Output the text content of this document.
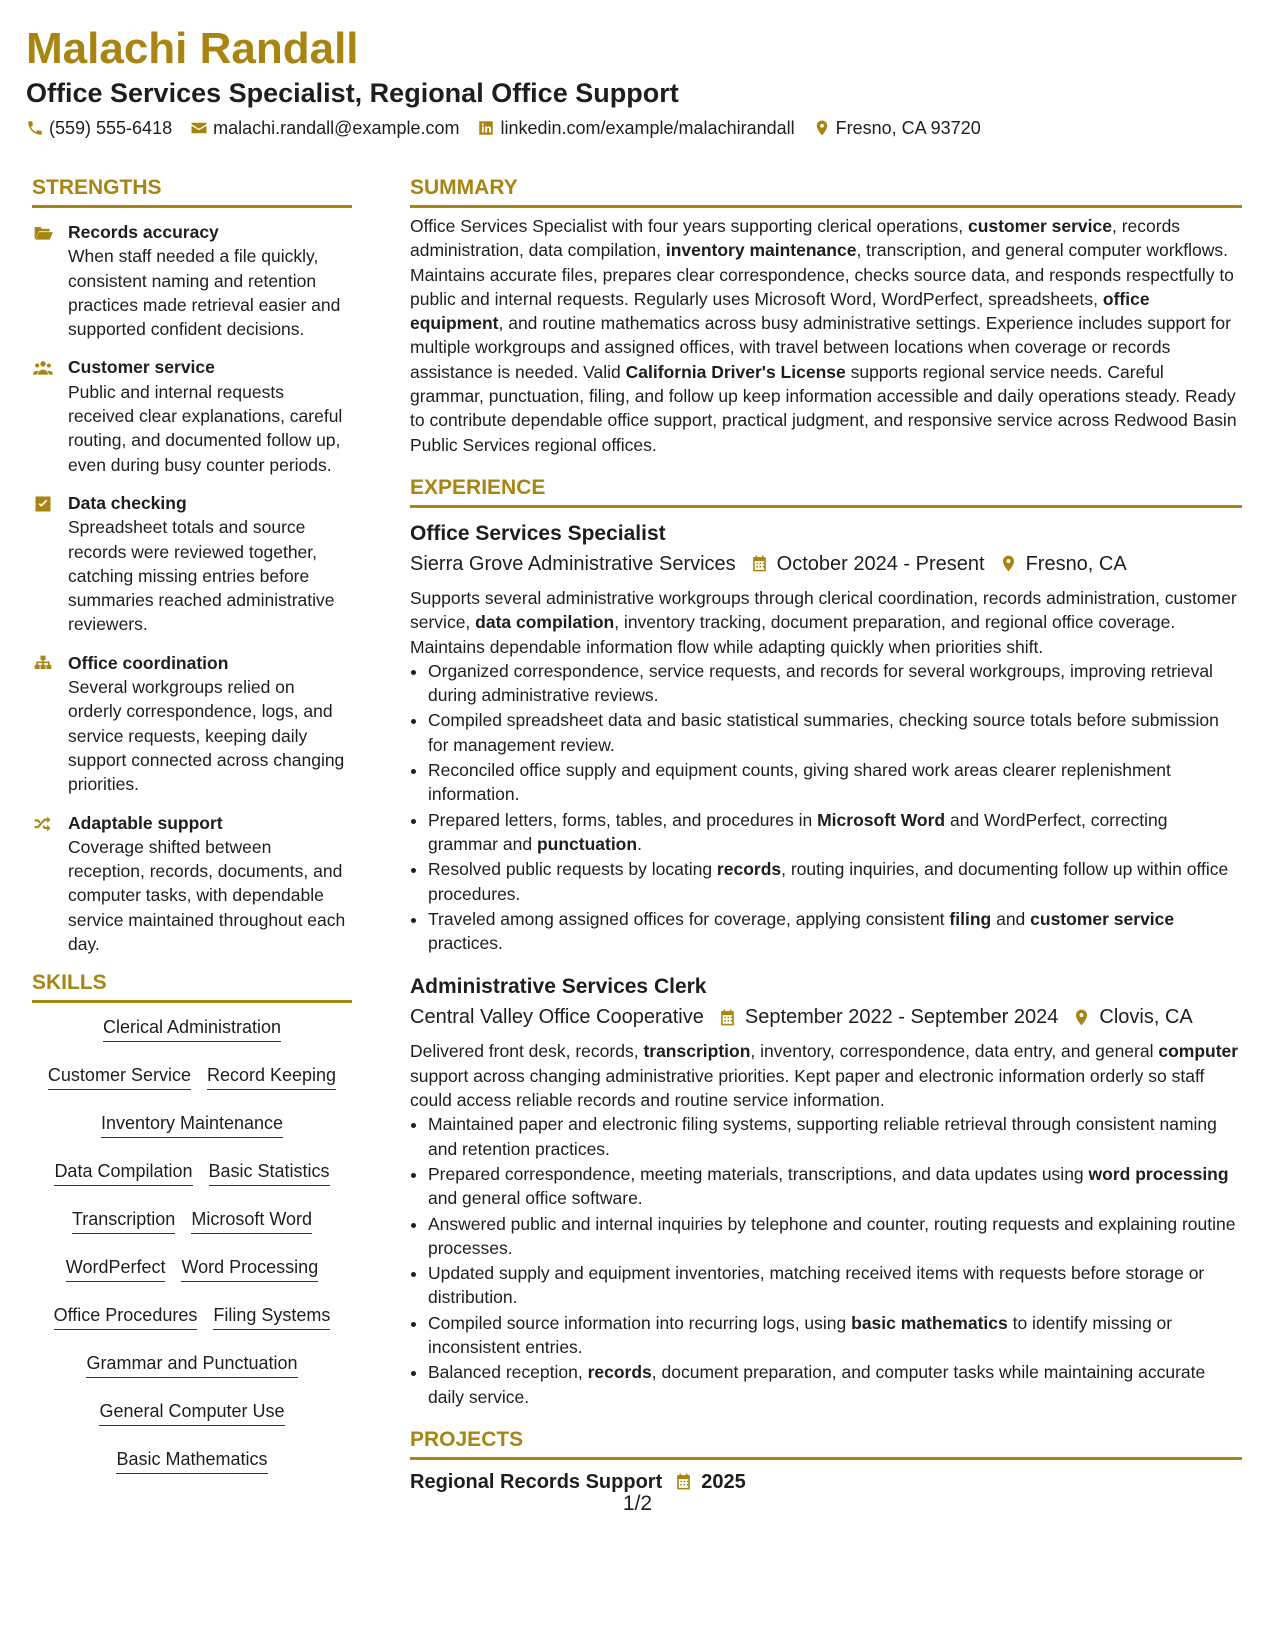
Malachi Randall
Office Services Specialist, Regional Office Support
(559) 555-6418 malachi.randall@example.com linkedin.com/example/malachirandall Fresno, CA 93720
STRENGTHS
Records accuracy
When staff needed a file quickly, consistent naming and retention practices made retrieval easier and supported confident decisions.
Customer service
Public and internal requests received clear explanations, careful routing, and documented follow up, even during busy counter periods.
Data checking
Spreadsheet totals and source records were reviewed together, catching missing entries before summaries reached administrative reviewers.
Office coordination
Several workgroups relied on orderly correspondence, logs, and service requests, keeping daily support connected across changing priorities.
Adaptable support
Coverage shifted between reception, records, documents, and computer tasks, with dependable service maintained throughout each day.
SKILLS
Clerical Administration
Customer Service Record Keeping
Inventory Maintenance
Data Compilation Basic Statistics
Transcription Microsoft Word
WordPerfect Word Processing
Office Procedures Filing Systems
Grammar and Punctuation
General Computer Use
Basic Mathematics
SUMMARY

Office Services Specialist with four years supporting clerical operations, customer service, records administration, data compilation, inventory maintenance, transcription, and general computer workflows. Maintains accurate files, prepares clear correspondence, checks source data, and responds respectfully to public and internal requests. Regularly uses Microsoft Word, WordPerfect, spreadsheets, office equipment, and routine mathematics across busy administrative settings. Experience includes support for multiple workgroups and assigned offices, with travel between locations when coverage or records assistance is needed. Valid California Driver's License supports regional service needs. Careful grammar, punctuation, filing, and follow up keep information accessible and daily operations steady. Ready to contribute dependable office support, practical judgment, and responsive service across Redwood Basin Public Services regional offices.

EXPERIENCE
Office Services Specialist
Sierra Grove Administrative Services October 2024 - Present Fresno, CA

Supports several administrative workgroups through clerical coordination, records administration, customer service, data compilation, inventory tracking, document preparation, and regional office coverage. Maintains dependable information flow while adapting quickly when priorities shift.

• Organized correspondence, service requests, and records for several workgroups, improving retrieval during administrative reviews.
• Compiled spreadsheet data and basic statistical summaries, checking source totals before submission for management review.
• Reconciled office supply and equipment counts, giving shared work areas clearer replenishment information.
• Prepared letters, forms, tables, and procedures in Microsoft Word and WordPerfect, correcting grammar and punctuation.
• Resolved public requests by locating records, routing inquiries, and documenting follow up within office procedures.
• Traveled among assigned offices for coverage, applying consistent filing and customer service practices.
Administrative Services Clerk
Central Valley Office Cooperative September 2022 - September 2024 Clovis, CA

Delivered front desk, records, transcription, inventory, correspondence, data entry, and general computer support across changing administrative priorities. Kept paper and electronic information orderly so staff could access reliable records and routine service information.

• Maintained paper and electronic filing systems, supporting reliable retrieval through consistent naming and retention practices.
• Prepared correspondence, meeting materials, transcriptions, and data updates using word processing and general office software.
• Answered public and internal inquiries by telephone and counter, routing requests and explaining routine processes.
• Updated supply and equipment inventories, matching received items with requests before storage or distribution.
• Compiled source information into recurring logs, using basic mathematics to identify missing or inconsistent entries.
• Balanced reception, records, document preparation, and computer tasks while maintaining accurate daily service.
PROJECTS
Regional Records Support 2025
1/2
